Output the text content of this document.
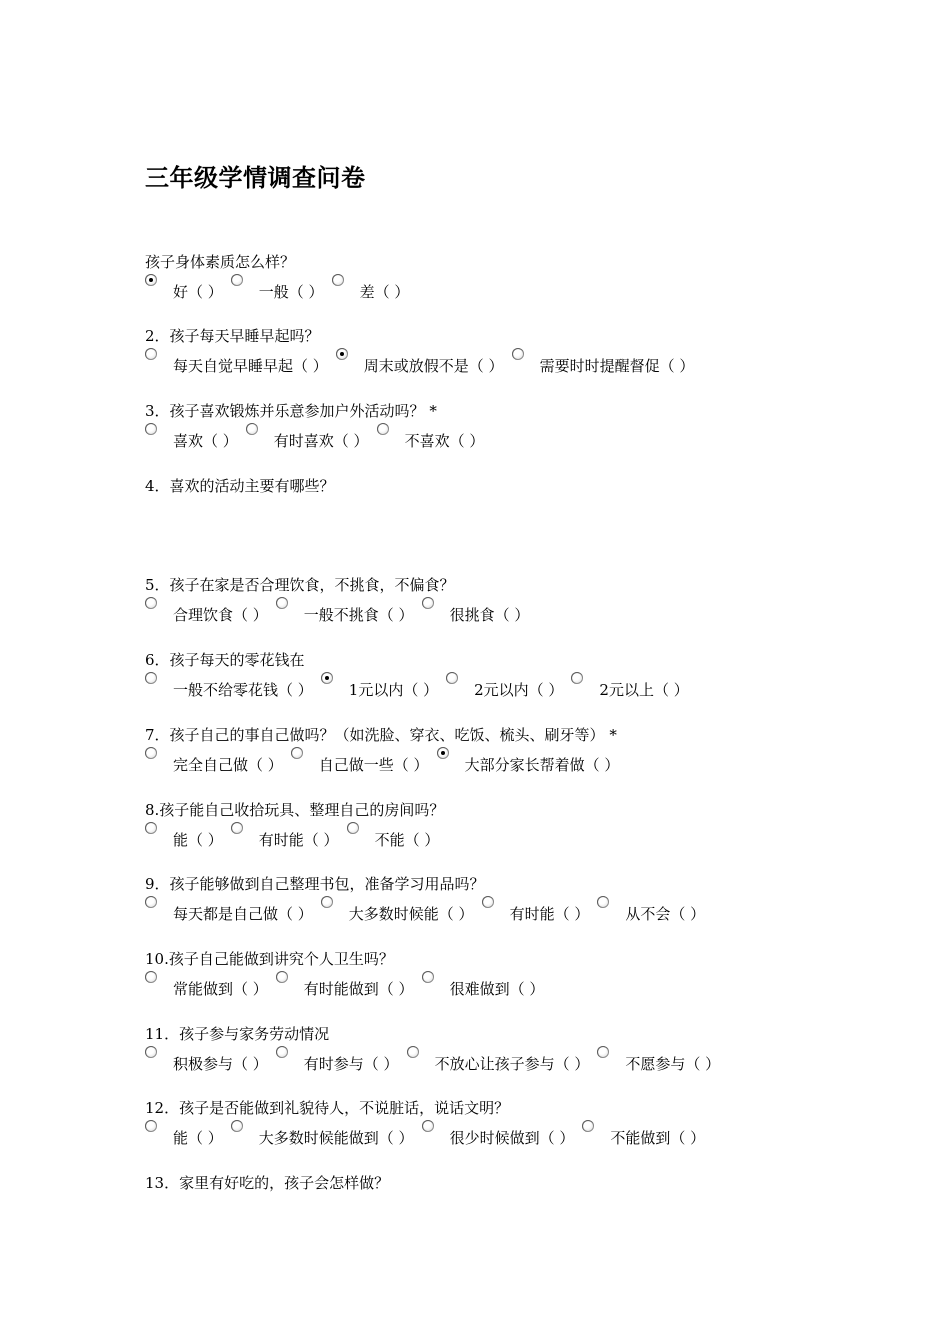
三年级学情调查问卷
孩子身体素质怎么样？
好（ ） 一般（ ） 差（ ）
2．孩子每天早睡早起吗？
每天自觉早睡早起（ ） 周末或放假不是（ ） 需要时时提醒督促（ ）
3．孩子喜欢锻炼并乐意参加户外活动吗？ *
喜欢（ ） 有时喜欢（ ） 不喜欢（ ）
4．喜欢的活动主要有哪些？
5．孩子在家是否合理饮食，不挑食，不偏食？
合理饮食（ ） 一般不挑食（ ） 很挑食（ ）
6．孩子每天的零花钱在
一般不给零花钱（ ） 1元以内（ ） 2元以内（ ） 2元以上（ ）
7．孩子自己的事自己做吗？（如洗脸、穿衣、吃饭、梳头、刷牙等） *
完全自己做（ ） 自己做一些（ ） 大部分家长帮着做（ ）
8.孩子能自己收拾玩具、整理自己的房间吗？
能（ ） 有时能（ ） 不能（ ）
9．孩子能够做到自己整理书包，准备学习用品吗？
每天都是自己做（ ） 大多数时候能（ ） 有时能（ ） 从不会（ ）
10.孩子自己能做到讲究个人卫生吗？
常能做到（ ） 有时能做到（ ） 很难做到（ ）
11．孩子参与家务劳动情况
积极参与（ ） 有时参与（ ） 不放心让孩子参与（ ） 不愿参与（ ）
12．孩子是否能做到礼貌待人，不说脏话，说话文明？
能（ ） 大多数时候能做到（ ） 很少时候做到（ ） 不能做到（ ）
13．家里有好吃的，孩子会怎样做？
